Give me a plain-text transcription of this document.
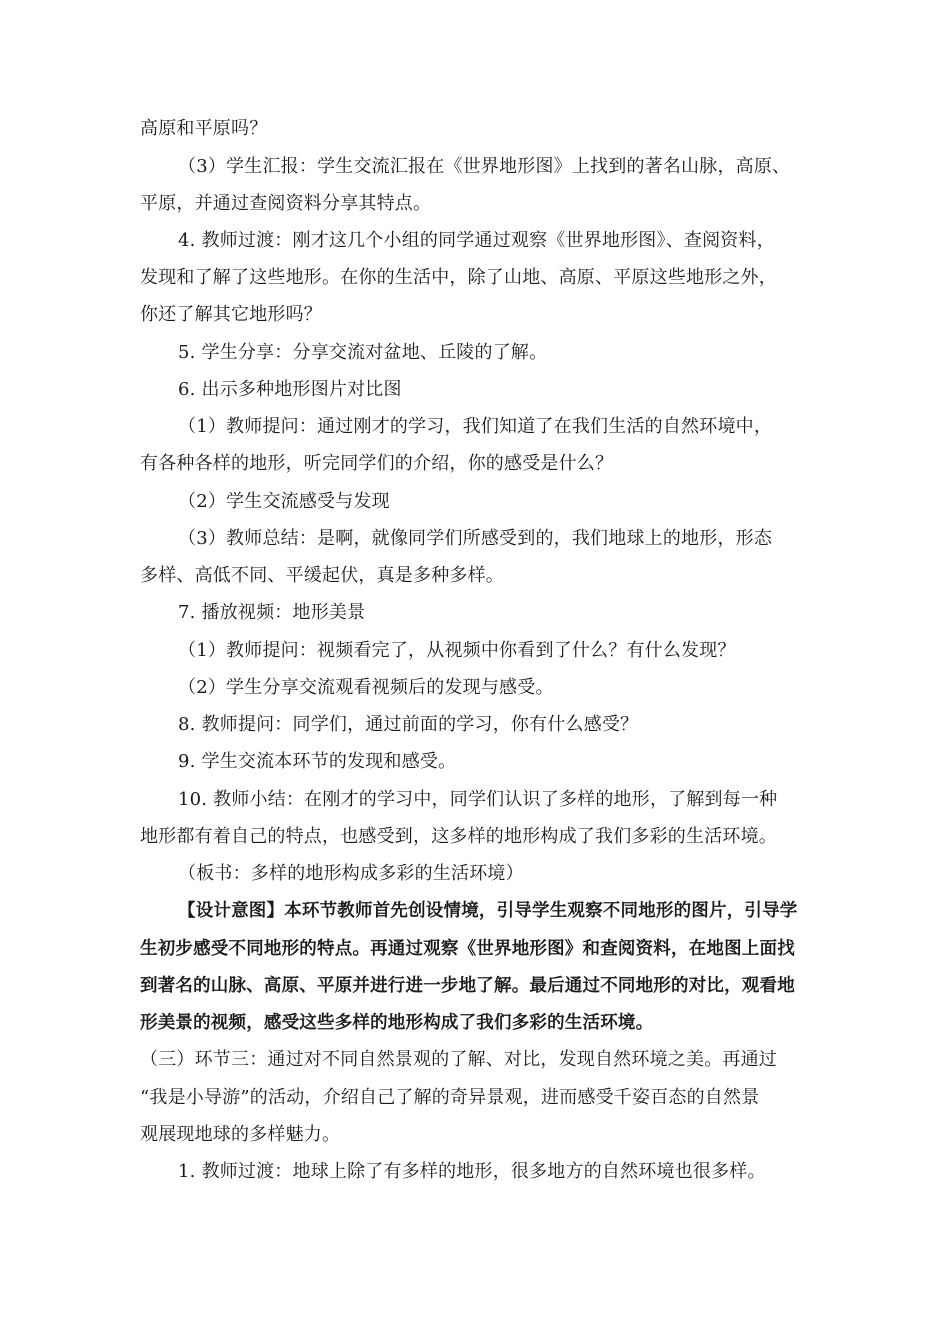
高原和平原吗？
（3）学生汇报：学生交流汇报在《世界地形图》上找到的著名山脉，高原、
平原，并通过查阅资料分享其特点。
4. 教师过渡：刚才这几个小组的同学通过观察《世界地形图》、查阅资料，
发现和了解了这些地形。在你的生活中，除了山地、高原、平原这些地形之外，
你还了解其它地形吗？
5. 学生分享：分享交流对盆地、丘陵的了解。
6. 出示多种地形图片对比图
（1）教师提问：通过刚才的学习，我们知道了在我们生活的自然环境中，
有各种各样的地形，听完同学们的介绍，你的感受是什么？
（2）学生交流感受与发现
（3）教师总结：是啊，就像同学们所感受到的，我们地球上的地形，形态
多样、高低不同、平缓起伏，真是多种多样。
7. 播放视频：地形美景
（1）教师提问：视频看完了，从视频中你看到了什么？有什么发现？
（2）学生分享交流观看视频后的发现与感受。
8. 教师提问：同学们，通过前面的学习，你有什么感受？
9. 学生交流本环节的发现和感受。
10. 教师小结：在刚才的学习中，同学们认识了多样的地形，了解到每一种
地形都有着自己的特点，也感受到，这多样的地形构成了我们多彩的生活环境。
（板书：多样的地形构成多彩的生活环境）
【设计意图】本环节教师首先创设情境，引导学生观察不同地形的图片，引导学
生初步感受不同地形的特点。再通过观察《世界地形图》和查阅资料，在地图上面找
到著名的山脉、高原、平原并进行进一步地了解。最后通过不同地形的对比，观看地
形美景的视频，感受这些多样的地形构成了我们多彩的生活环境。
（三）环节三：通过对不同自然景观的了解、对比，发现自然环境之美。再通过
“我是小导游”的活动，介绍自己了解的奇异景观，进而感受千姿百态的自然景
观展现地球的多样魅力。
1. 教师过渡：地球上除了有多样的地形，很多地方的自然环境也很多样。
